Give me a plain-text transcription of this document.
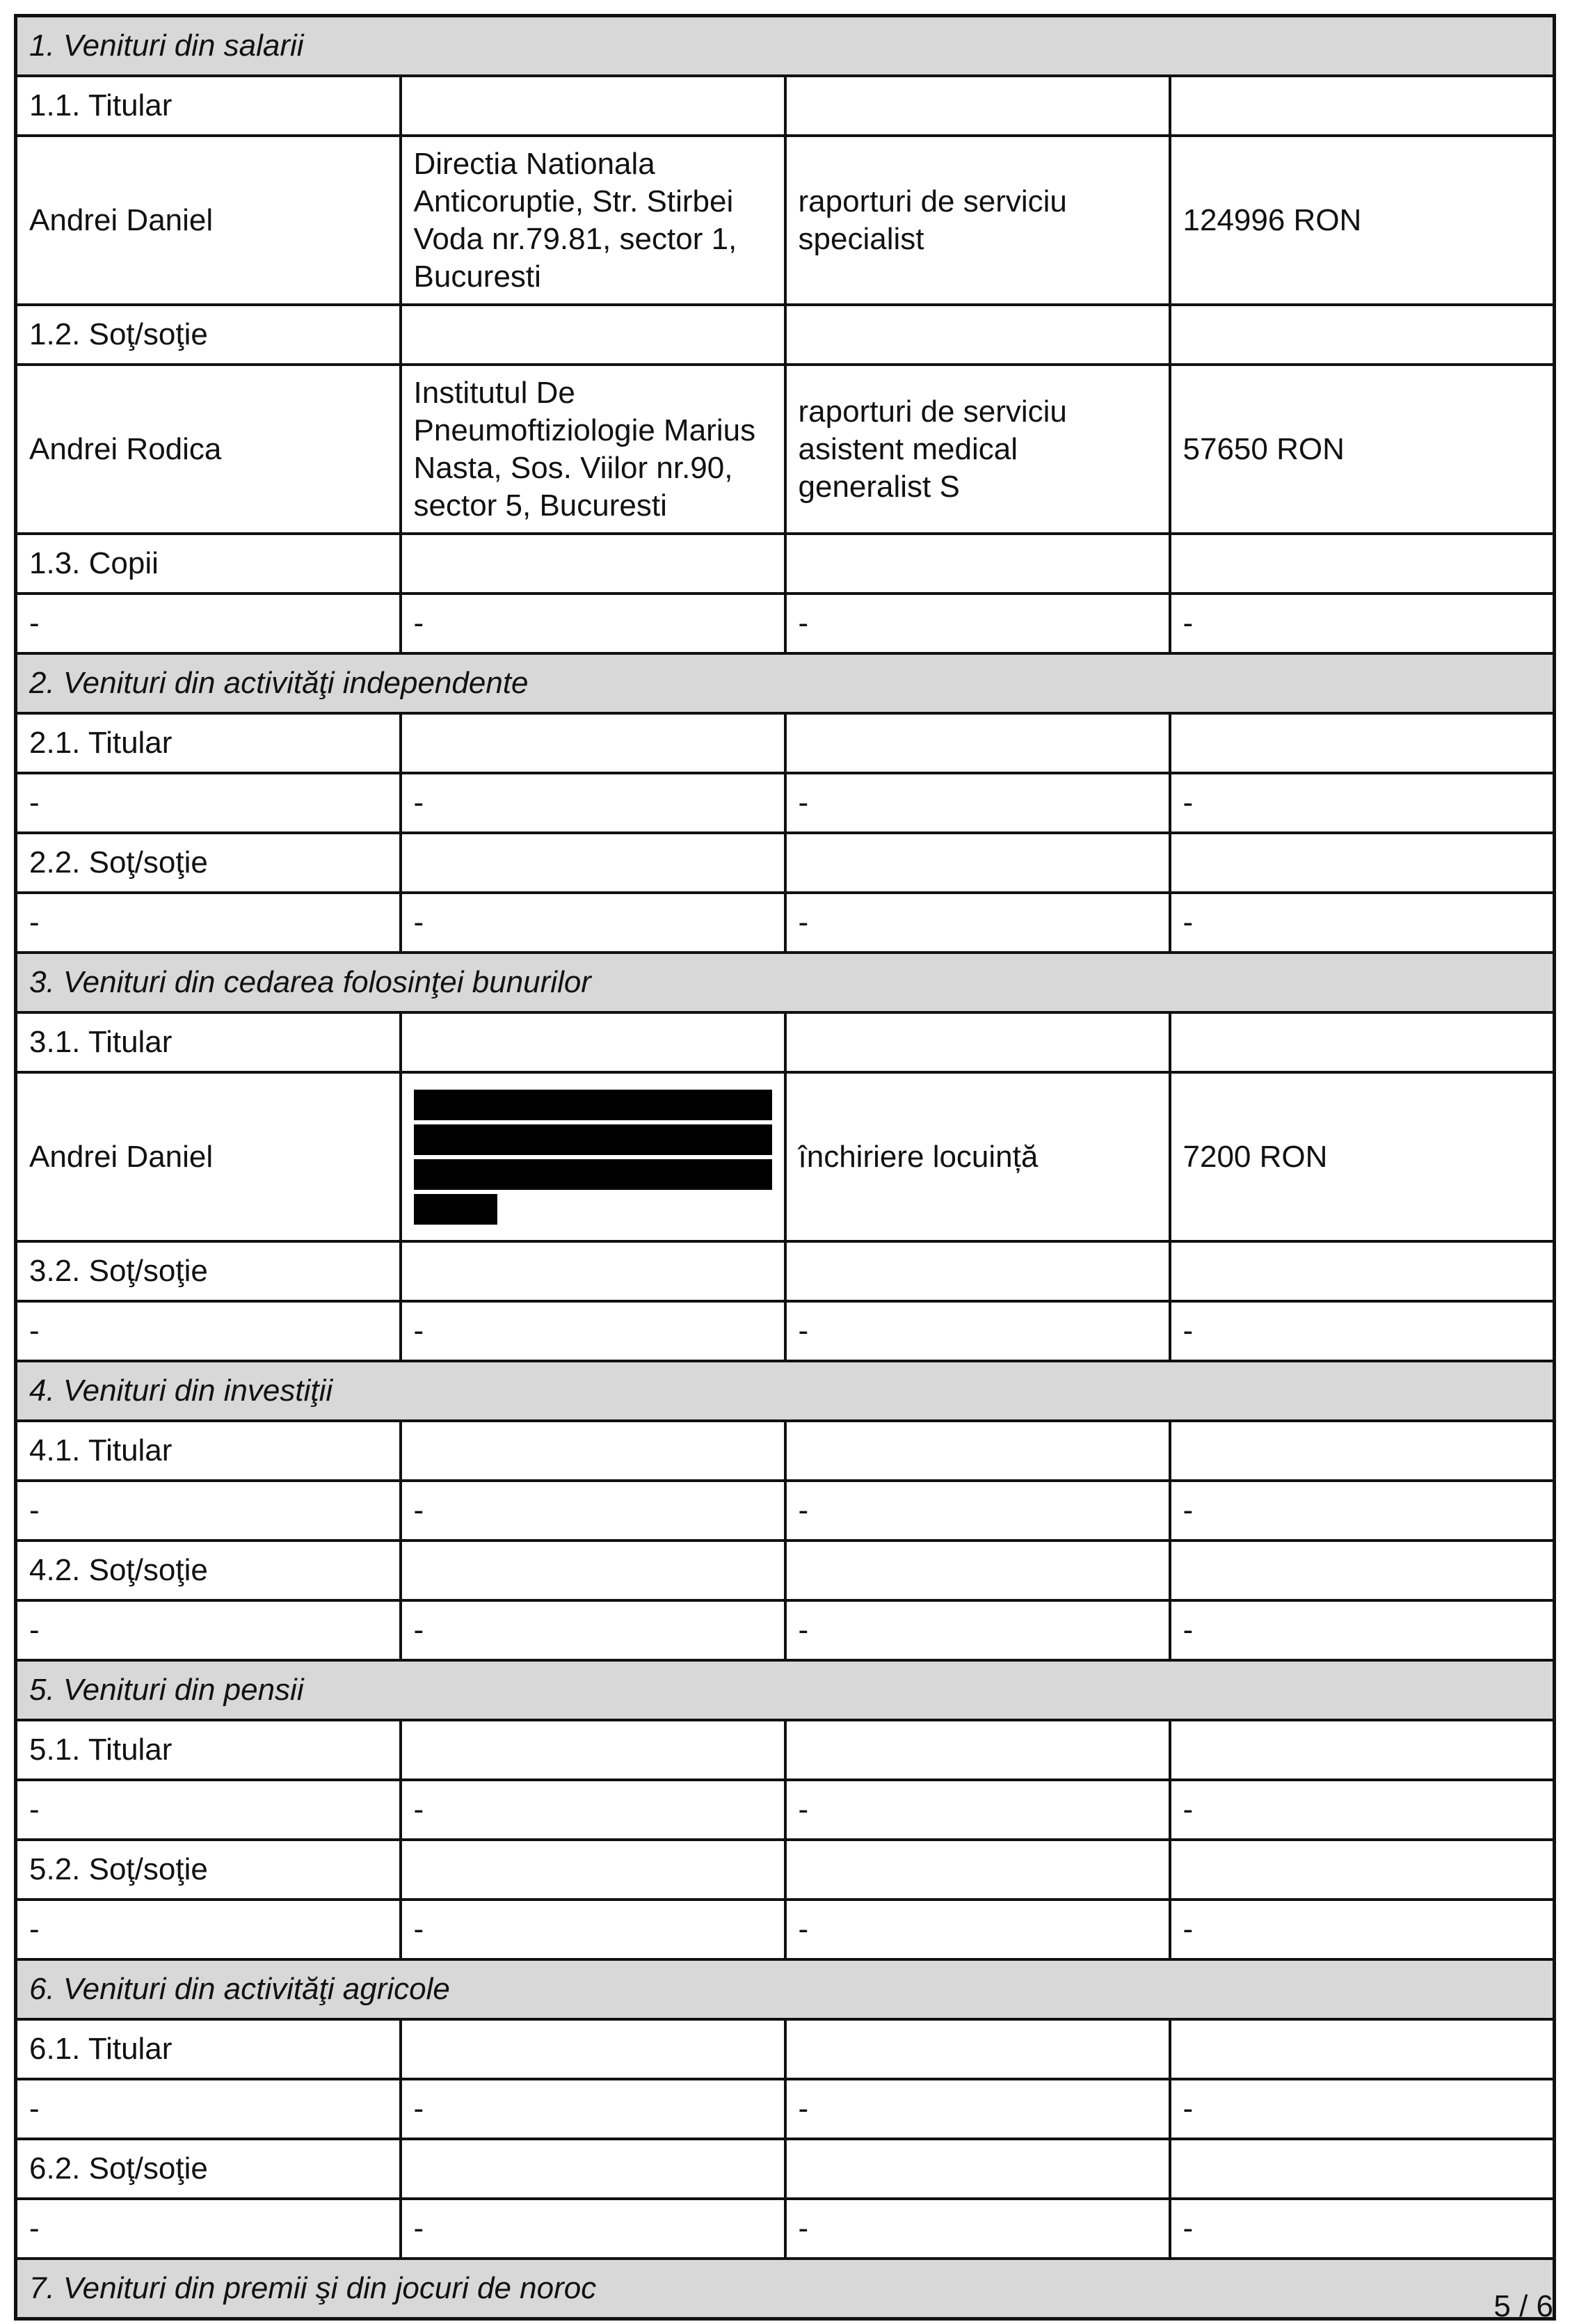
1. Venituri din salarii			
1.1. Titular			
Andrei Daniel	Directia Nationala Anticoruptie, Str. Stirbei Voda nr.79.81, sector 1, Bucuresti	raporturi de serviciu specialist	124996 RON
1.2. Soţ/soţie			
Andrei Rodica	Institutul De Pneumoftiziologie Marius Nasta, Sos. Viilor nr.90, sector 5, Bucuresti	raporturi de serviciu asistent medical generalist S	57650 RON
1.3. Copii			
-	-	-	-
2. Venituri din activităţi independente			
2.1. Titular			
-	-	-	-
2.2. Soţ/soţie			
-	-	-	-
3. Venituri din cedarea folosinţei bunurilor			
3.1. Titular			
Andrei Daniel		închiriere locuință	7200 RON
3.2. Soţ/soţie			
-	-	-	-
4. Venituri din investiţii			
4.1. Titular			
-	-	-	-
4.2. Soţ/soţie			
-	-	-	-
5. Venituri din pensii			
5.1. Titular			
-	-	-	-
5.2. Soţ/soţie			
-	-	-	-
6. Venituri din activităţi agricole			
6.1. Titular			
-	-	-	-
6.2. Soţ/soţie			
-	-	-	-
7. Venituri din premii şi din jocuri de noroc			
5 / 6
